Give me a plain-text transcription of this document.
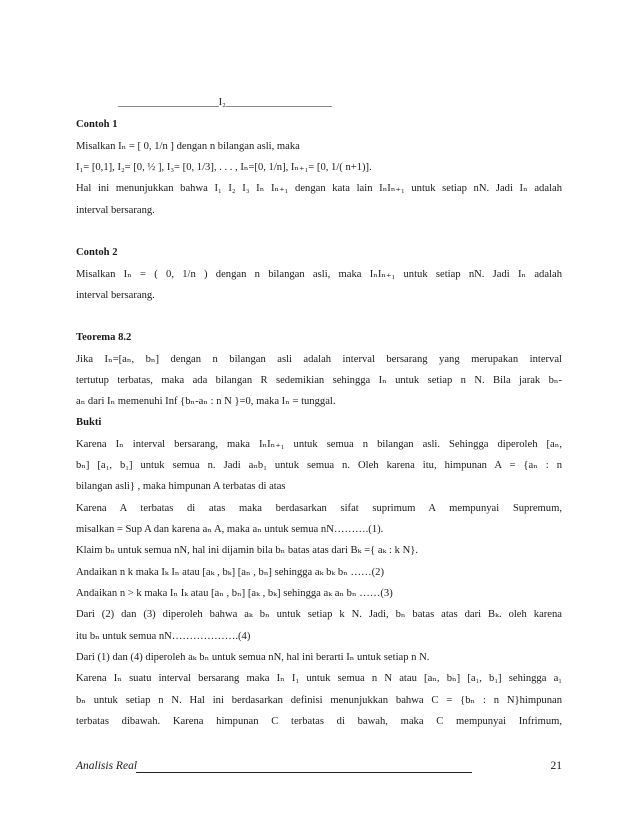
___________________I₂____________________
Contoh 1
Misalkan Iₙ = [ 0, 1/n ] dengan n bilangan asli, maka
I₁= [0,1], I₂= [0, ½ ], I₃= [0, 1/3], . . . , Iₙ=[0, 1/n], Iₙ₊₁= [0, 1/( n+1)].
Hal ini menunjukkan bahwa I₁ I₂ I₃ Iₙ Iₙ₊₁ dengan kata lain IₙIₙ₊₁ untuk setiap nN. Jadi Iₙ adalah
interval bersarang.
Contoh 2
Misalkan Iₙ = ( 0, 1/n ) dengan n bilangan asli, maka IₙIₙ₊₁ untuk setiap nN. Jadi Iₙ adalah
interval bersarang.
Teorema 8.2
Jika Iₙ=[aₙ, bₙ] dengan n bilangan asli adalah interval bersarang yang merupakan interval
tertutup terbatas, maka ada bilangan R sedemikian sehingga Iₙ untuk setiap n N. Bila jarak bₙ-
aₙ dari Iₙ memenuhi Inf {bₙ-aₙ : n N }=0, maka Iₙ = tunggal.
Bukti
Karena Iₙ interval bersarang, maka IₙIₙ₊₁ untuk semua n bilangan asli. Sehingga diperoleh [aₙ,
bₙ] [a₁, b₁] untuk semua n. Jadi aₙb₁ untuk semua n. Oleh karena itu, himpunan A = {aₙ : n
bilangan asli} , maka himpunan A terbatas di atas
Karena A terbatas di atas maka berdasarkan sifat suprimum A mempunyai Supremum,
misalkan = Sup A dan karena aₙ A, maka aₙ untuk semua nN……….(1).
Klaim bₙ untuk semua nN, hal ini dijamin bila bₙ batas atas dari Bₖ ={ aₖ : k N}.
Andaikan n k maka Iₖ Iₙ atau [aₖ , bₖ] [aₙ , bₙ] sehingga aₖ bₖ bₙ ……(2)
Andaikan n > k maka Iₙ Iₖ atau [aₙ , bₙ] [aₖ , bₖ] sehingga aₖ aₙ bₙ ……(3)
Dari (2) dan (3) diperoleh bahwa aₖ bₙ untuk setiap k N. Jadi, bₙ batas atas dari Bₖ. oleh karena
itu bₙ untuk semua nN……………….(4)
Dari (1) dan (4) diperoleh aₖ bₙ untuk semua nN, hal ini berarti Iₙ untuk setiap n N.
Karena Iₙ suatu interval bersarang maka Iₙ I₁ untuk semua n N atau [aₙ, bₙ] [a₁, b₁] sehingga a₁
bₙ untuk setiap n N. Hal ini berdasarkan definisi menunjukkan bahwa C = {bₙ : n N}himpunan
terbatas dibawah. Karena himpunan C terbatas di bawah, maka C mempunyai Infrimum,
Analisis Real	21
